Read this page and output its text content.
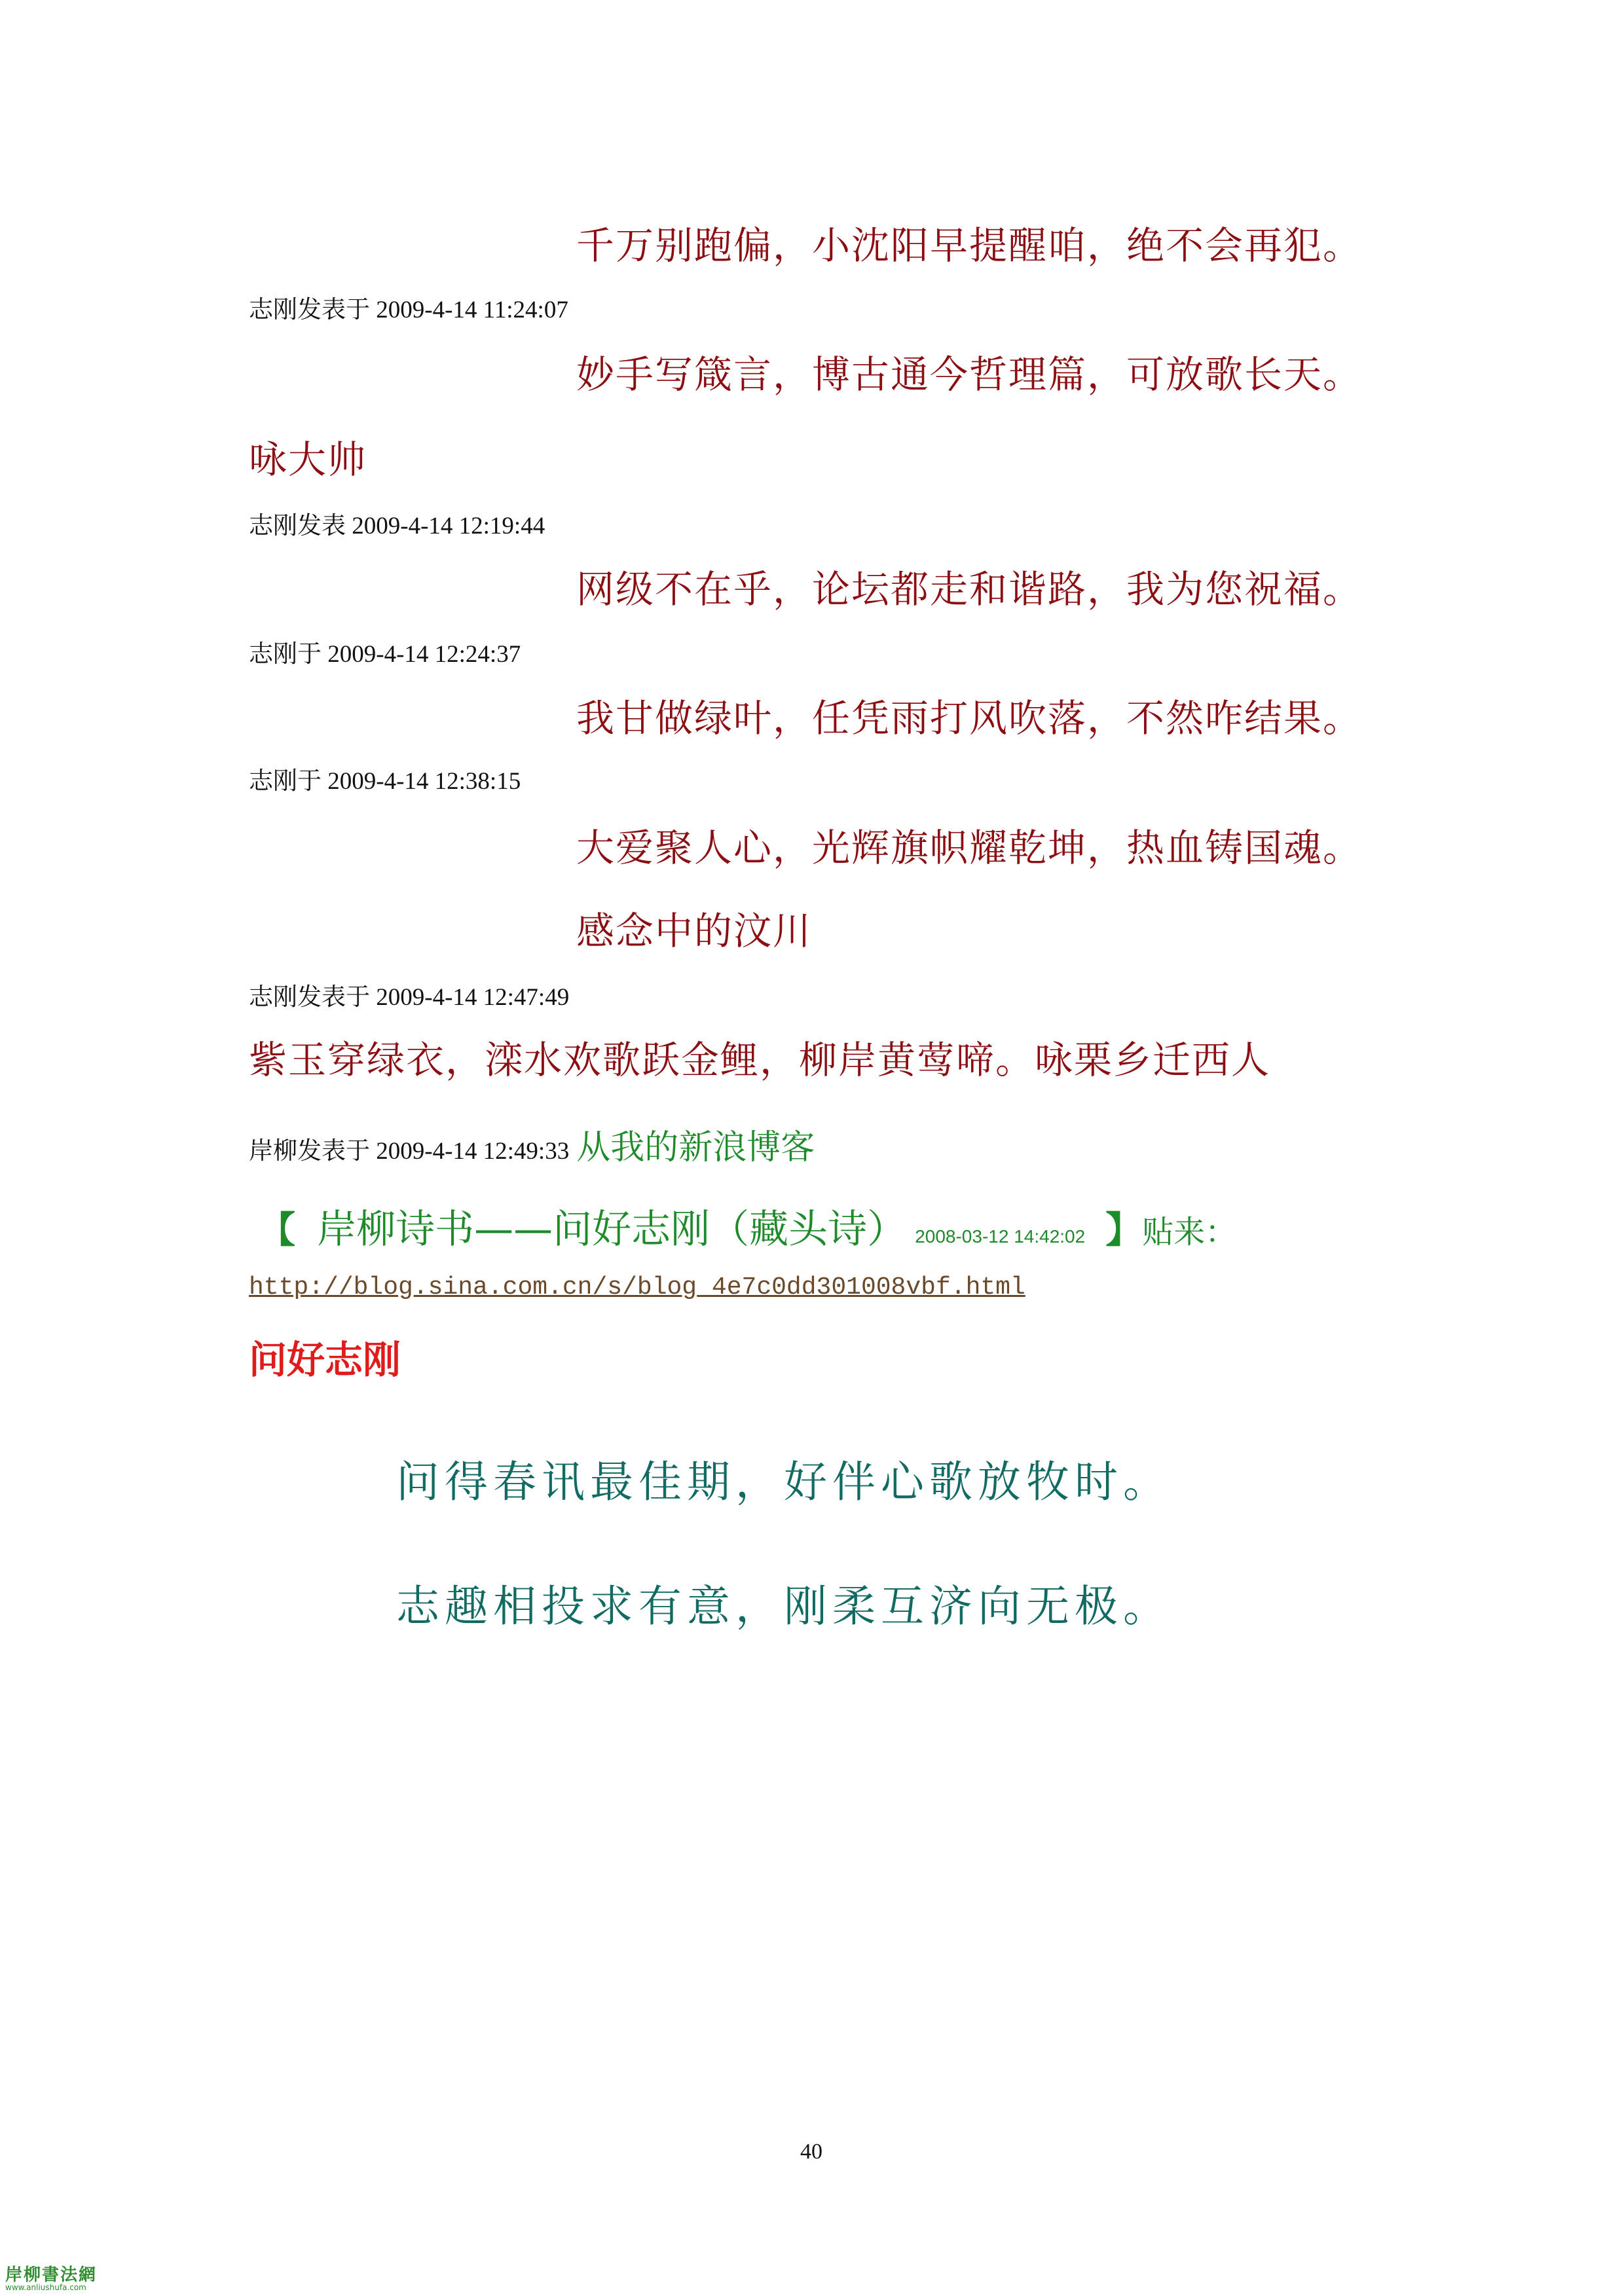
千万别跑偏，小沈阳早提醒咱，绝不会再犯。
志刚发表于 2009-4-14 11:24:07
妙手写箴言，博古通今哲理篇，可放歌长天。
咏大帅
志刚发表 2009-4-14 12:19:44
网级不在乎，论坛都走和谐路，我为您祝福。
志刚于 2009-4-14 12:24:37
我甘做绿叶，任凭雨打风吹落，不然咋结果。
志刚于 2009-4-14 12:38:15
大爱聚人心，光辉旗帜耀乾坤，热血铸国魂。
感念中的汶川
志刚发表于 2009-4-14 12:47:49
紫玉穿绿衣，滦水欢歌跃金鲤，柳岸黄莺啼。咏栗乡迁西人
岸柳发表于 2009-4-14 12:49:33 从我的新浪博客
【 岸柳诗书——问好志刚（藏头诗） 2008-03-12 14:42:02 】贴来：
http://blog.sina.com.cn/s/blog_4e7c0dd301008vbf.html
问好志刚
问得春讯最佳期，好伴心歌放牧时。
志趣相投求有意，刚柔互济向无极。
40
岸柳書法網
www.anliushufa.com
